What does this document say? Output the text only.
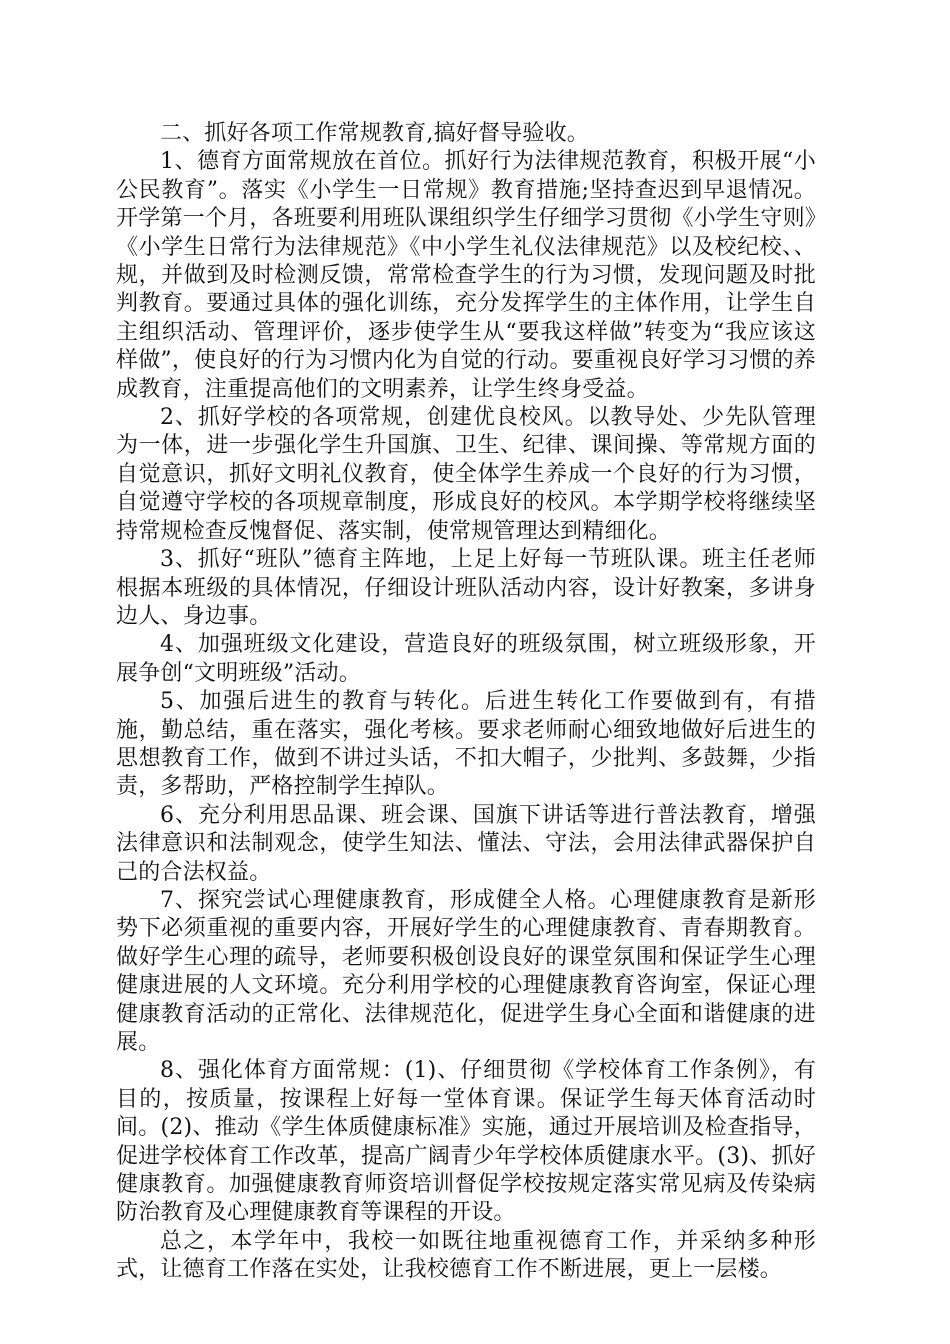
二、抓好各项工作常规教育,搞好督导验收。

1、德育方面常规放在首位。抓好行为法律规范教育，积极开展“小公民教育”。落实《小学生一日常规》教育措施;坚持查迟到早退情况。开学第一个月，各班要利用班队课组织学生仔细学习贯彻《小学生守则》《小学生日常行为法律规范》《中小学生礼仪法律规范》以及校纪校、、规，并做到及时检测反馈，常常检查学生的行为习惯，发现问题及时批判教育。要通过具体的强化训练，充分发挥学生的主体作用，让学生自主组织活动、管理评价，逐步使学生从“要我这样做”转变为“我应该这样做”，使良好的行为习惯内化为自觉的行动。要重视良好学习习惯的养成教育，注重提高他们的文明素养，让学生终身受益。

2、抓好学校的各项常规，创建优良校风。以教导处、少先队管理为一体，进一步强化学生升国旗、卫生、纪律、课间操、等常规方面的自觉意识，抓好文明礼仪教育，使全体学生养成一个良好的行为习惯，自觉遵守学校的各项规章制度，形成良好的校风。本学期学校将继续坚持常规检查反愧督促、落实制，使常规管理达到精细化。

3、抓好“班队”德育主阵地，上足上好每一节班队课。班主任老师根据本班级的具体情况，仔细设计班队活动内容，设计好教案，多讲身边人、身边事。

4、加强班级文化建设，营造良好的班级氛围，树立班级形象，开展争创“文明班级”活动。

5、加强后进生的教育与转化。后进生转化工作要做到有，有措施，勤总结，重在落实，强化考核。要求老师耐心细致地做好后进生的思想教育工作，做到不讲过头话，不扣大帽子，少批判、多鼓舞，少指责，多帮助，严格控制学生掉队。

6、充分利用思品课、班会课、国旗下讲话等进行普法教育，增强法律意识和法制观念，使学生知法、懂法、守法，会用法律武器保护自己的合法权益。

7、探究尝试心理健康教育，形成健全人格。心理健康教育是新形势下必须重视的重要内容，开展好学生的心理健康教育、青春期教育。做好学生心理的疏导，老师要积极创设良好的课堂氛围和保证学生心理健康进展的人文环境。充分利用学校的心理健康教育咨询室，保证心理健康教育活动的正常化、法律规范化，促进学生身心全面和谐健康的进展。

8、强化体育方面常规：(1)、仔细贯彻《学校体育工作条例》，有目的，按质量，按课程上好每一堂体育课。保证学生每天体育活动时间。(2)、推动《学生体质健康标准》实施，通过开展培训及检查指导，促进学校体育工作改革，提高广阔青少年学校体质健康水平。(3)、抓好健康教育。加强健康教育师资培训督促学校按规定落实常见病及传染病防治教育及心理健康教育等课程的开设。

总之，本学年中，我校一如既往地重视德育工作，并采纳多种形式，让德育工作落在实处，让我校德育工作不断进展，更上一层楼。
